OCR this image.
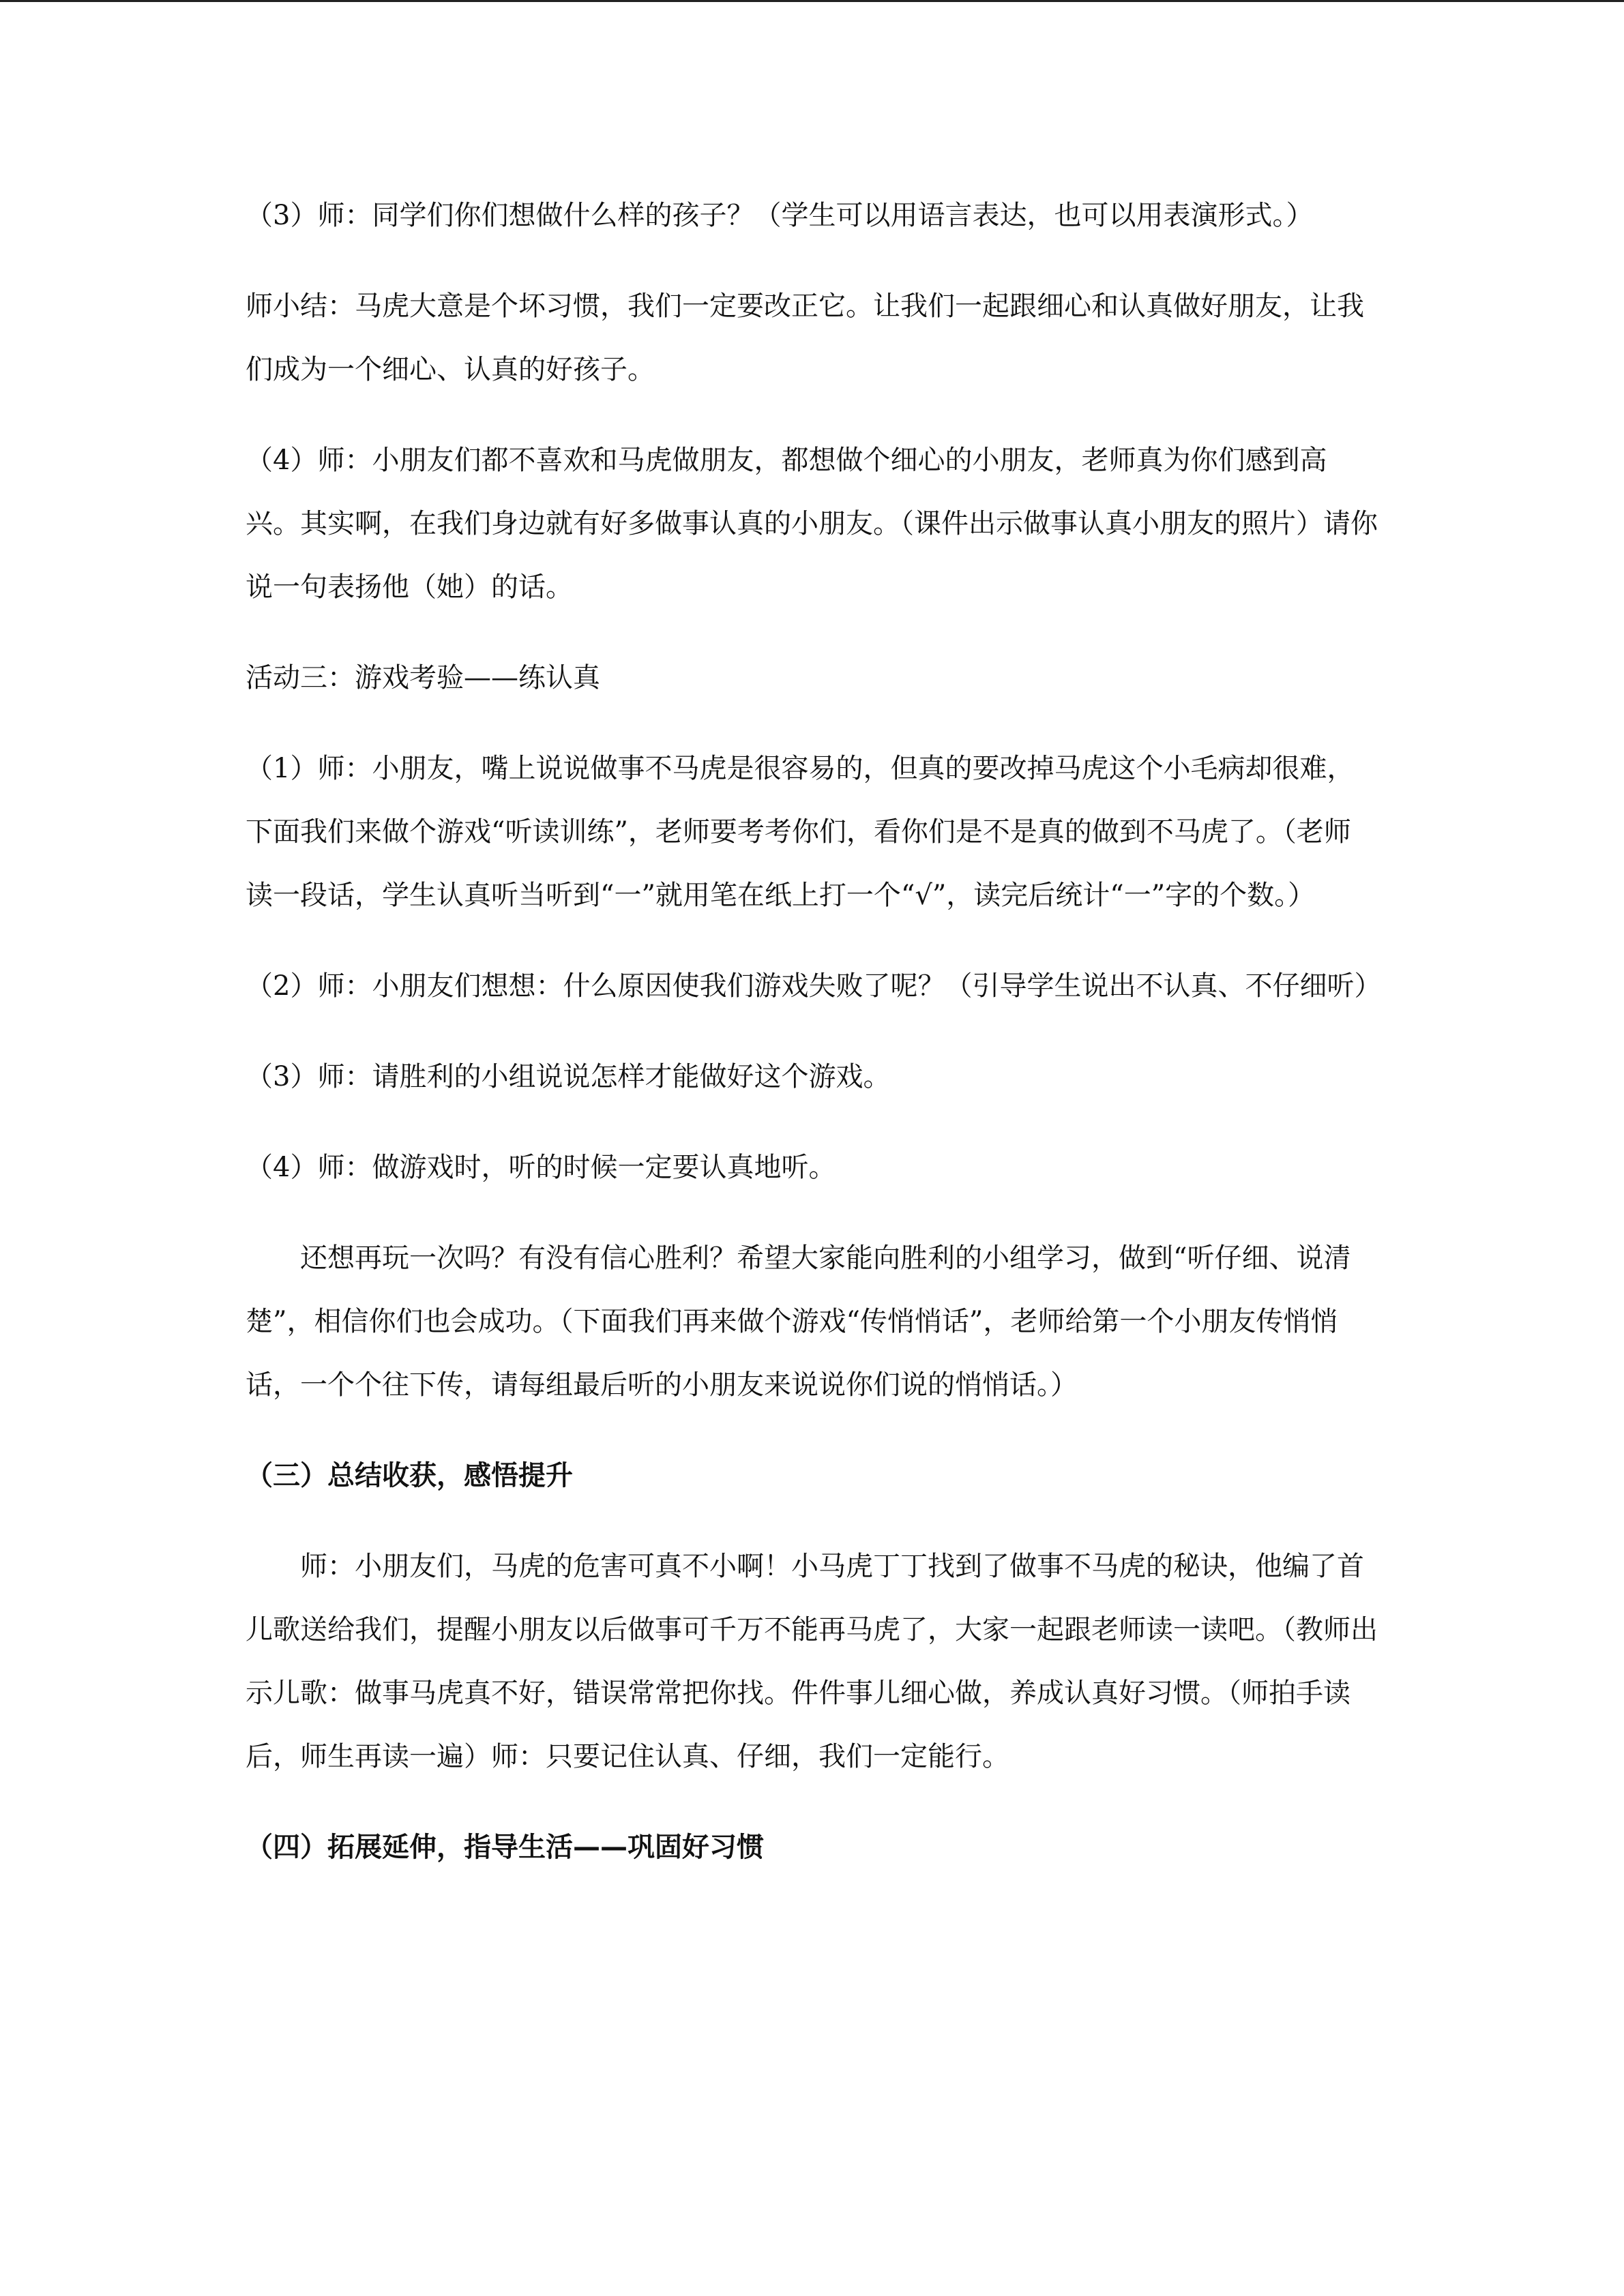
（3）师：同学们你们想做什么样的孩子？（学生可以用语言表达，也可以用表演形式。）

师小结：马虎大意是个坏习惯，我们一定要改正它。让我们一起跟细心和认真做好朋友，让我们成为一个细心、认真的好孩子。

（4）师：小朋友们都不喜欢和马虎做朋友，都想做个细心的小朋友，老师真为你们感到高兴。其实啊，在我们身边就有好多做事认真的小朋友。（课件出示做事认真小朋友的照片）请你说一句表扬他（她）的话。

活动三：游戏考验——练认真

（1）师：小朋友，嘴上说说做事不马虎是很容易的，但真的要改掉马虎这个小毛病却很难，下面我们来做个游戏“听读训练”，老师要考考你们，看你们是不是真的做到不马虎了。（老师读一段话，学生认真听当听到“一”就用笔在纸上打一个“√”，读完后统计“一”字的个数。）

（2）师：小朋友们想想：什么原因使我们游戏失败了呢？（引导学生说出不认真、不仔细听）

（3）师：请胜利的小组说说怎样才能做好这个游戏。

（4）师：做游戏时，听的时候一定要认真地听。

还想再玩一次吗？有没有信心胜利？希望大家能向胜利的小组学习，做到“听仔细、说清楚”，相信你们也会成功。（下面我们再来做个游戏“传悄悄话”，老师给第一个小朋友传悄悄话，一个个往下传，请每组最后听的小朋友来说说你们说的悄悄话。）

（三）总结收获，感悟提升

师：小朋友们，马虎的危害可真不小啊！小马虎丁丁找到了做事不马虎的秘诀，他编了首儿歌送给我们，提醒小朋友以后做事可千万不能再马虎了，大家一起跟老师读一读吧。（教师出示儿歌：做事马虎真不好，错误常常把你找。件件事儿细心做，养成认真好习惯。（师拍手读后，师生再读一遍）师：只要记住认真、仔细，我们一定能行。

（四）拓展延伸，指导生活——巩固好习惯
